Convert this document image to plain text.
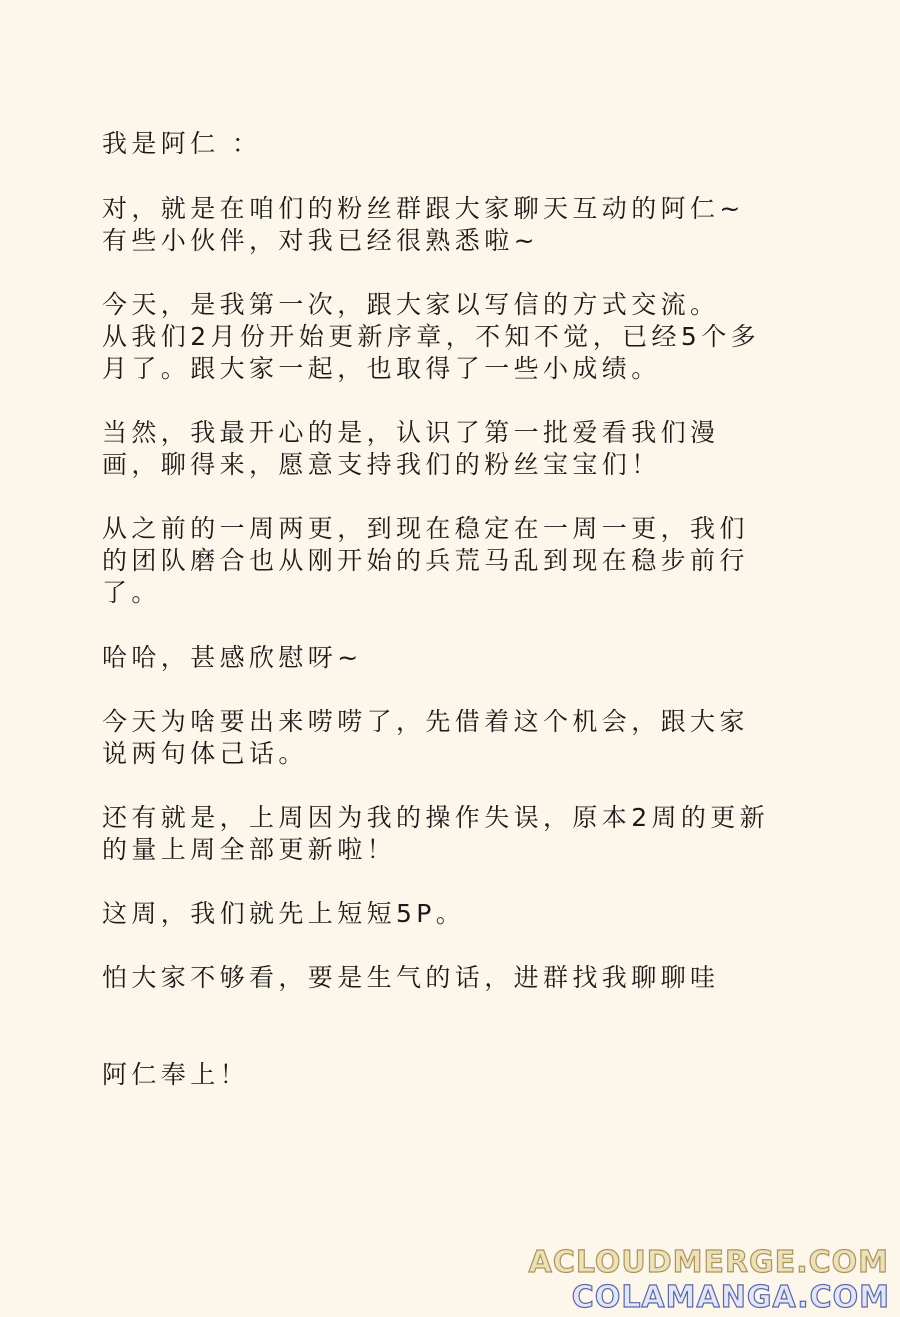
我是阿仁 ：
对，就是在咱们的粉丝群跟大家聊天互动的阿仁~
有些小伙伴，对我已经很熟悉啦~
今天，是我第一次，跟大家以写信的方式交流。
从我们2月份开始更新序章，不知不觉，已经5个多
月了。跟大家一起，也取得了一些小成绩。
当然，我最开心的是，认识了第一批爱看我们漫
画，聊得来，愿意支持我们的粉丝宝宝们！
从之前的一周两更，到现在稳定在一周一更，我们
的团队磨合也从刚开始的兵荒马乱到现在稳步前行
了。
哈哈，甚感欣慰呀~
今天为啥要出来唠唠了，先借着这个机会，跟大家
说两句体己话。
还有就是，上周因为我的操作失误，原本2周的更新
的量上周全部更新啦！
这周，我们就先上短短5P。
怕大家不够看，要是生气的话，进群找我聊聊哇
阿仁奉上！
ACLOUDMERGE.COM
COLAMANGA.COM
